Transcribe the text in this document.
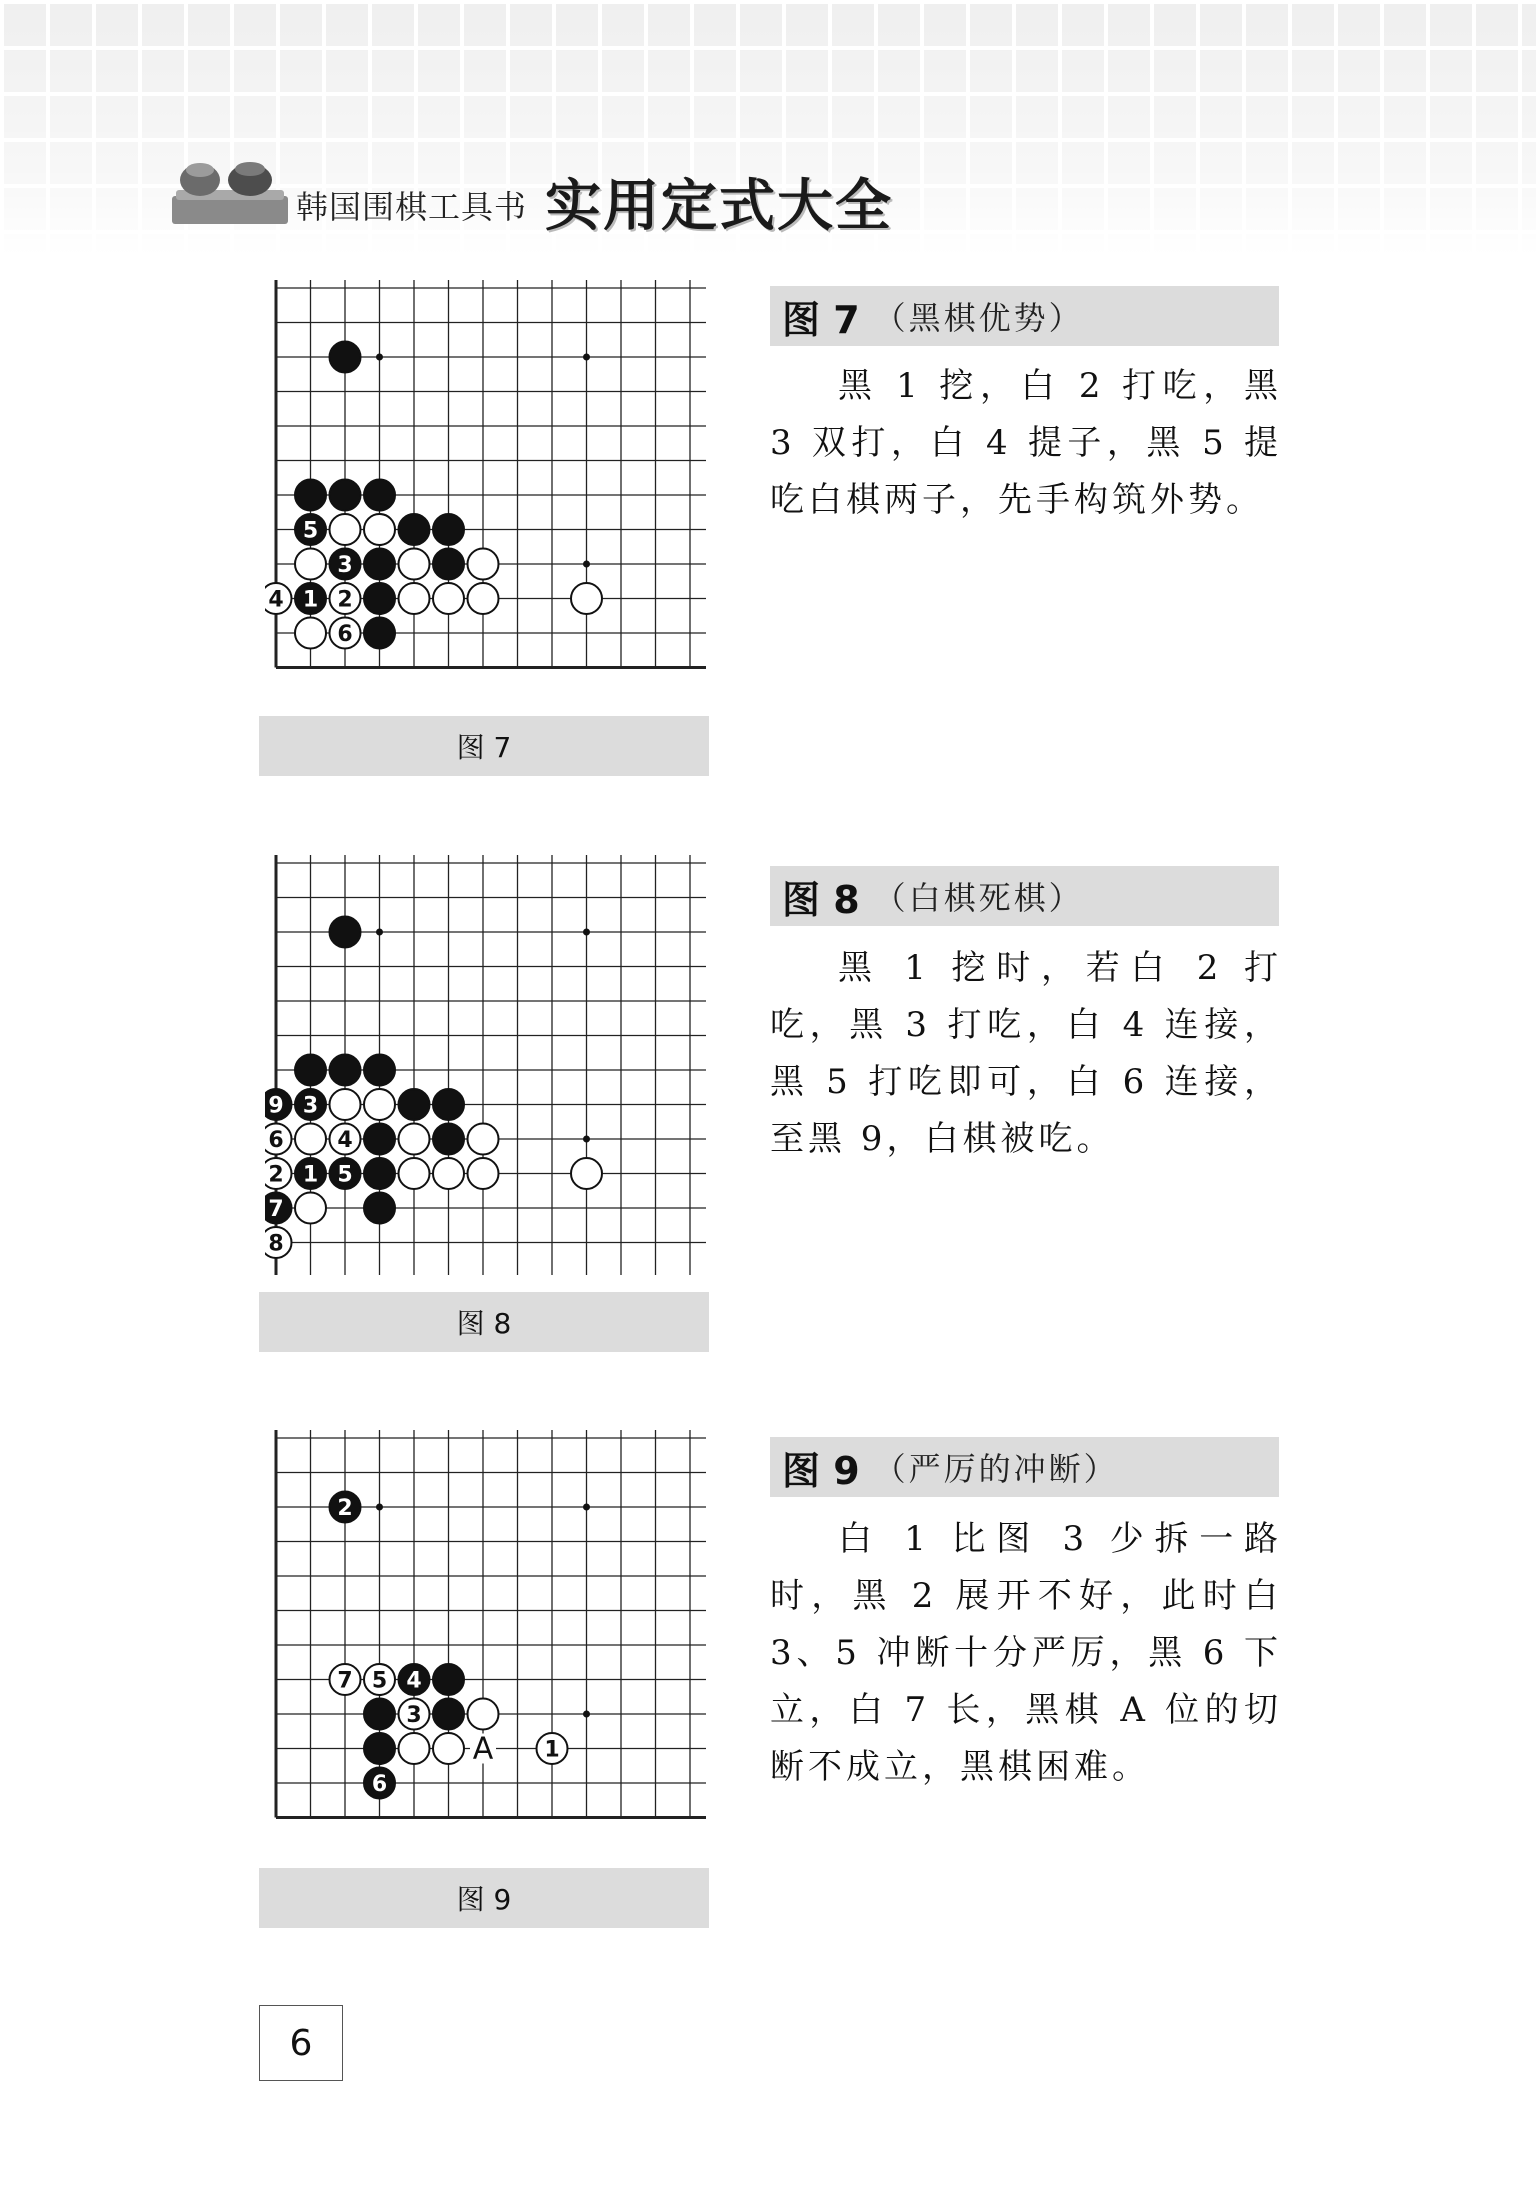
韩国围棋工具书 实用定式大全
5
3
4 1 2
6
图 7
图 7 （黑棋优势）

黑 1 挖，白 2 打吃，黑 3 双打，白 4 提子，黑 5 提吃白棋两子，先手构筑外势。

9 3
6 4
2 1 5
7
8
图 8
图 8 （白棋死棋）

黑 1 挖时，若白 2 打吃，黑 3 打吃，白 4 连接，黑 5 打吃即可，白 6 连接，至黑 9，白棋被吃。

2
7 5 4
3
1
6
A
图 9
图 9 （严厉的冲断）

白 1 比图 3 少拆一路时，黑 2 展开不好，此时白 3、5 冲断十分严厉，黑 6 下立，白 7 长，黑棋 A 位的切断不成立，黑棋困难。

6
